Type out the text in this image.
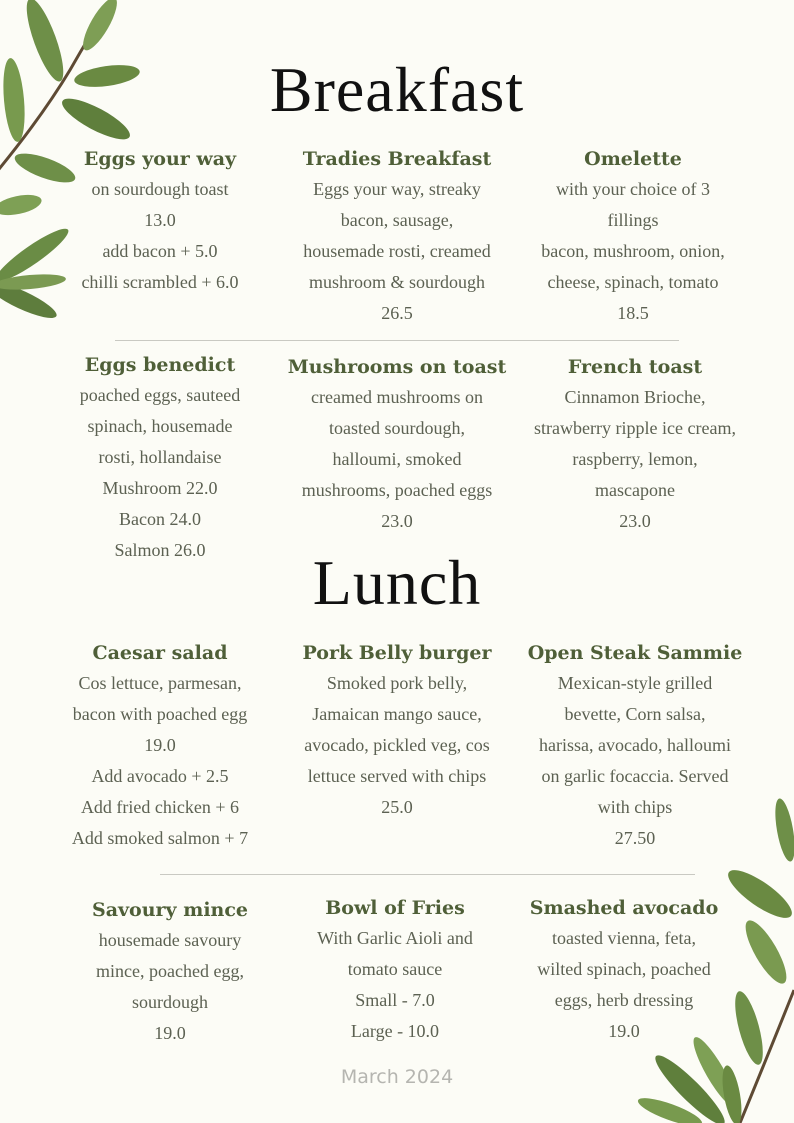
Breakfast
Eggs your way
on sourdough toast
13.0
add bacon + 5.0
chilli scrambled + 6.0
Tradies Breakfast
Eggs your way, streaky
bacon, sausage,
housemade rosti, creamed
mushroom & sourdough
26.5
Omelette
with your choice of 3
fillings
bacon, mushroom, onion,
cheese, spinach, tomato
18.5
Eggs benedict
poached eggs, sauteed
spinach, housemade
rosti, hollandaise
Mushroom 22.0
Bacon 24.0
Salmon 26.0
Mushrooms on toast
creamed mushrooms on
toasted sourdough,
halloumi, smoked
mushrooms, poached eggs
23.0
French toast
Cinnamon Brioche,
strawberry ripple ice cream,
raspberry, lemon,
mascapone
23.0
Lunch
Caesar salad
Cos lettuce, parmesan,
bacon with poached egg
19.0
Add avocado + 2.5
Add fried chicken + 6
Add smoked salmon + 7
Pork Belly burger
Smoked pork belly,
Jamaican mango sauce,
avocado, pickled veg, cos
lettuce served with chips
25.0
Open Steak Sammie
Mexican-style grilled
bevette, Corn salsa,
harissa, avocado, halloumi
on garlic focaccia. Served
with chips
27.50
Savoury mince
housemade savoury
mince, poached egg,
sourdough
19.0
Bowl of Fries
With Garlic Aioli and
tomato sauce
Small - 7.0
Large - 10.0
Smashed avocado
toasted vienna, feta,
wilted spinach, poached
eggs, herb dressing
19.0
March 2024
